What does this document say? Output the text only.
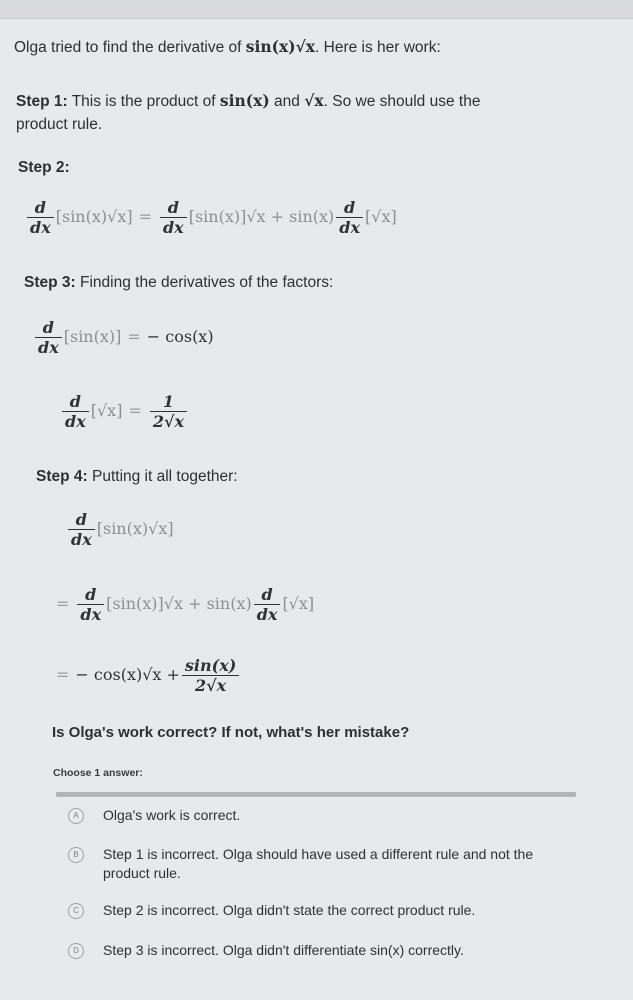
Olga tried to find the derivative of sin(x)√x. Here is her work:
Step 1: This is the product of sin(x) and √x. So we should use the
product rule.
Step 2:
$\frac{d}{dx} [\sin(x)√x] = \frac{d}{dx} [\sin(x)]√x + \sin(x) \frac{d}{dx} [√x]$
Step 3: Finding the derivatives of the factors:
$\frac{d}{dx} [\sin(x)]$ = − cos(x)
$\frac{d}{dx} [√x] = \frac{1}{2√x}$
Step 4: Putting it all together:
$\frac{d}{dx} [\sin(x)√x]$
= $\frac{d}{dx} [\sin(x)]√x + \sin(x) \frac{d}{dx} [√x]$
= − $\cos(x)√x + \frac{\sin(x)}{2√x}$
Is Olga's work correct? If not, what's her mistake?
Choose 1 answer:
A	Olga's work is correct.
B	Step 1 is incorrect. Olga should have used a different rule and not the product rule.
C	Step 2 is incorrect. Olga didn't state the correct product rule.
D	Step 3 is incorrect. Olga didn't differentiate sin(x) correctly.
